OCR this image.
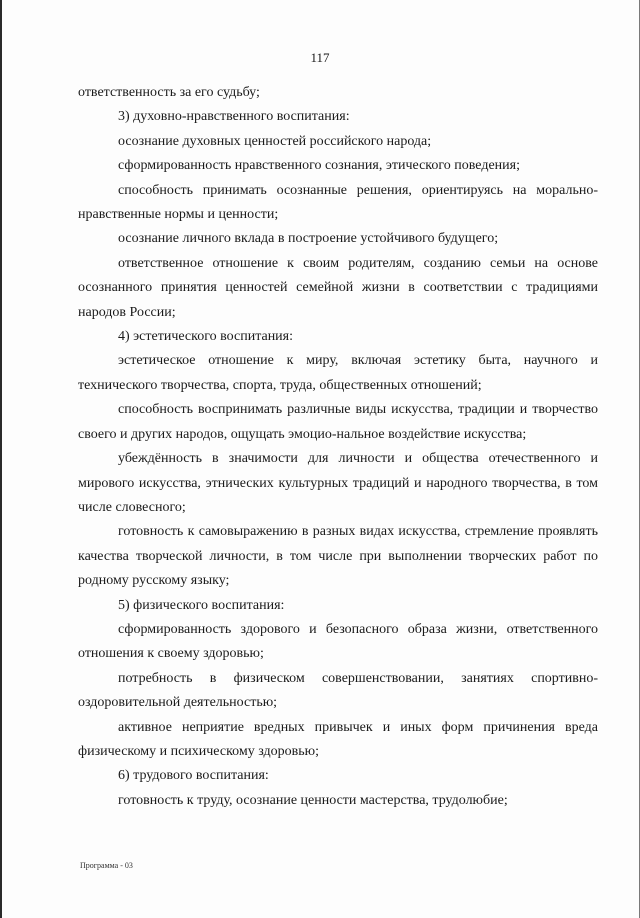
117

ответственность за его судьбу;

3) духовно-нравственного воспитания:

осознание духовных ценностей российского народа;

сформированность нравственного сознания, этического поведения;

способность принимать осознанные решения, ориентируясь на морально-нравственные нормы и ценности;

осознание личного вклада в построение устойчивого будущего;

ответственное отношение к своим родителям, созданию семьи на основе осознанного принятия ценностей семейной жизни в соответствии с традициями народов России;

4) эстетического воспитания:

эстетическое отношение к миру, включая эстетику быта, научного и технического творчества, спорта, труда, общественных отношений;

способность воспринимать различные виды искусства, традиции и творчество своего и других народов, ощущать эмоцио-нальное воздействие искусства;

убеждённость в значимости для личности и общества отечественного и мирового искусства, этнических культурных традиций и народного творчества, в том числе словесного;

готовность к самовыражению в разных видах искусства, стремление проявлять качества творческой личности, в том числе при выполнении творческих работ по родному русскому языку;

5) физического воспитания:

сформированность здорового и безопасного образа жизни, ответственного отношения к своему здоровью;

потребность в физическом совершенствовании, занятиях спортивно-оздоровительной деятельностью;

активное неприятие вредных привычек и иных форм причинения вреда физическому и психическому здоровью;

6) трудового воспитания:

готовность к труду, осознание ценности мастерства, трудолюбие;

Программа - 03
